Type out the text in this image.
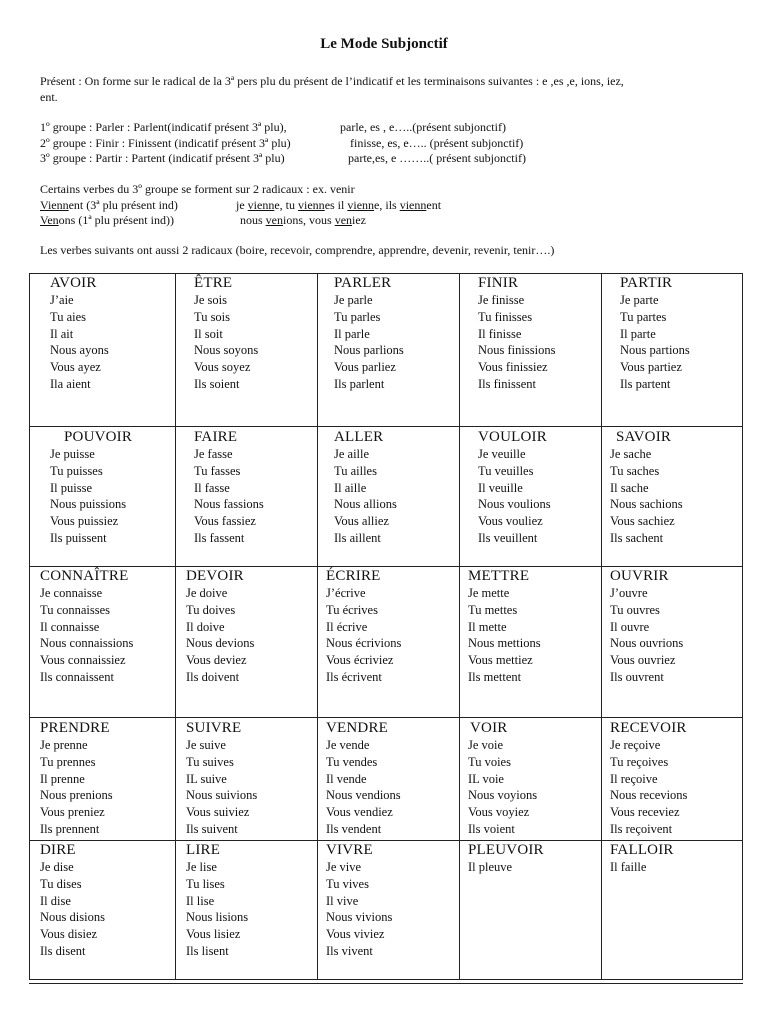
Le Mode Subjonctif

Présent : On forme sur le radical de la 3ª pers plu du présent de l’indicatif et les terminaisons suivantes : e ,es ,e, ions, iez,

ent.

1º groupe : Parler : Parlent(indicatif présent 3ª plu),	parle, es , e…..(présent subjonctif)

2º groupe : Finir : Finissent (indicatif présent 3ª plu)	finisse, es, e….. (présent subjonctif)

3º groupe : Partir : Partent (indicatif présent 3ª plu)	parte,es, e ……..( présent subjonctif)

Certains verbes du 3º groupe se forment sur 2 radicaux : ex. venir

Viennent (3ª plu présent ind)	je vienne, tu viennes il vienne, ils viennent

Venons (1ª plu présent ind))	nous venions, vous veniez

Les verbes suivants ont aussi 2 radicaux (boire, recevoir, comprendre, apprendre, devenir, revenir, tenir….)

AVOIR
J’aie
Tu aies
Il ait
Nous ayons
Vous ayez
Ila aient
ÊTRE
Je sois
Tu sois
Il soit
Nous soyons
Vous soyez
Ils soient
PARLER
Je parle
Tu parles
Il parle
Nous parlions
Vous parliez
Ils parlent
FINIR
Je finisse
Tu finisses
Il finisse
Nous finissions
Vous finissiez
Ils finissent
PARTIR
Je parte
Tu partes
Il parte
Nous partions
Vous partiez
Ils partent
POUVOIR
Je puisse
Tu puisses
Il puisse
Nous puissions
Vous puissiez
Ils puissent
FAIRE
Je fasse
Tu fasses
Il fasse
Nous fassions
Vous fassiez
Ils fassent
ALLER
Je aille
Tu ailles
Il aille
Nous allions
Vous alliez
Ils aillent
VOULOIR
Je veuille
Tu veuilles
Il veuille
Nous voulions
Vous vouliez
Ils veuillent
SAVOIR
Je sache
Tu saches
Il sache
Nous sachions
Vous sachiez
Ils sachent
CONNAÎTRE
Je connaisse
Tu connaisses
Il connaisse
Nous connaissions
Vous connaissiez
Ils connaissent
DEVOIR
Je doive
Tu doives
Il doive
Nous devions
Vous deviez
Ils doivent
ÉCRIRE
J’écrive
Tu écrives
Il écrive
Nous écrivions
Vous écriviez
Ils écrivent
METTRE
Je mette
Tu mettes
Il mette
Nous mettions
Vous mettiez
Ils mettent
OUVRIR
J’ouvre
Tu ouvres
Il ouvre
Nous ouvrions
Vous ouvriez
Ils ouvrent
PRENDRE
Je prenne
Tu prennes
Il prenne
Nous prenions
Vous preniez
Ils prennent
SUIVRE
Je suive
Tu suives
IL suive
Nous suivions
Vous suiviez
Ils suivent
VENDRE
Je vende
Tu vendes
Il vende
Nous vendions
Vous vendiez
Ils vendent
VOIR
Je voie
Tu voies
IL voie
Nous voyions
Vous voyiez
Ils voient
RECEVOIR
Je reçoive
Tu reçoives
Il reçoive
Nous recevions
Vous receviez
Ils reçoivent
DIRE
Je dise
Tu dises
Il dise
Nous disions
Vous disiez
Ils disent
LIRE
Je lise
Tu lises
Il lise
Nous lisions
Vous lisiez
Ils lisent
VIVRE
Je vive
Tu vives
Il vive
Nous vivions
Vous viviez
Ils vivent
PLEUVOIR
Il pleuve
FALLOIR
Il faille
